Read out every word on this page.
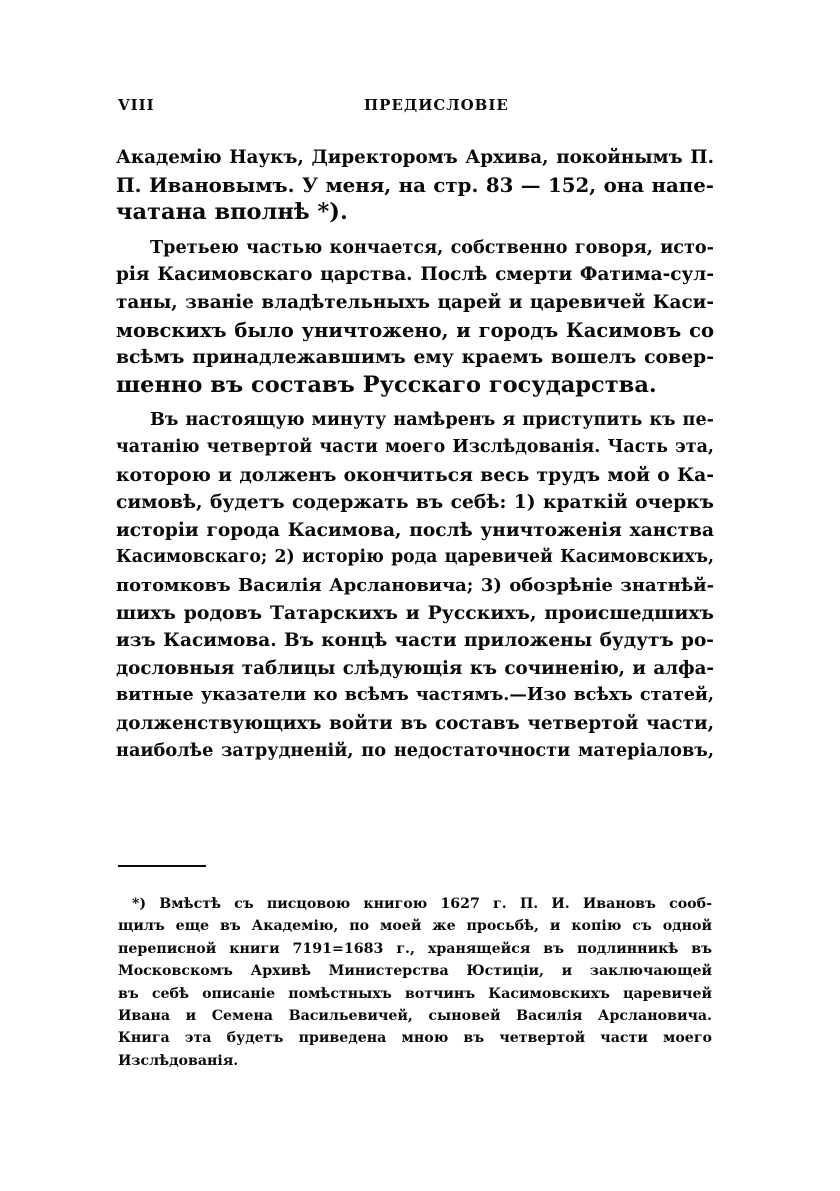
VIII	ПРЕДИСЛОВІЕ
Академію Наукъ, Директоромъ Архива, покойнымъ П.
П. Ивановымъ. У меня, на стр. 83 — 152, она напе-
чатана вполнѣ *).
Третьею частью кончается, собственно говоря, исто-
рія Касимовскаго царства. Послѣ смерти Фатима-сул-
таны, званіе владѣтельныхъ царей и царевичей Каси-
мовскихъ было уничтожено, и городъ Касимовъ со
всѣмъ принадлежавшимъ ему краемъ вошелъ совер-
шенно въ составъ Русскаго государства.
Въ настоящую минуту намѣренъ я приступить къ пе-
чатанію четвертой части моего Изслѣдованія. Часть эта,
которою и долженъ окончиться весь трудъ мой о Ка-
симовѣ, будетъ содержать въ себѣ: 1) краткій очеркъ
исторіи города Касимова, послѣ уничтоженія ханства
Касимовскаго; 2) исторію рода царевичей Касимовскихъ,
потомковъ Василія Арслановича; 3) обозрѣніе знатнѣй-
шихъ родовъ Татарскихъ и Русскихъ, происшедшихъ
изъ Касимова. Въ концѣ части приложены будутъ ро-
дословныя таблицы слѣдующія къ сочиненію, и алфа-
витные указатели ко всѣмъ частямъ.—Изо всѣхъ статей,
долженствующихъ войти въ составъ четвертой части,
наиболѣе затрудненій, по недостаточности матеріаловъ,
*) Вмѣстѣ съ писцовою книгою 1627 г. П. И. Ивановъ сооб-
щилъ еще въ Академію, по моей же просьбѣ, и копію съ одной
переписной книги 7191=1683 г., хранящейся въ подлинникѣ въ
Московскомъ Архивѣ Министерства Юстиціи, и заключающей
въ себѣ описаніе помѣстныхъ вотчинъ Касимовскихъ царевичей
Ивана и Семена Васильевичей, сыновей Василія Арслановича.
Книга эта будетъ приведена мною въ четвертой части моего
Изслѣдованія.
